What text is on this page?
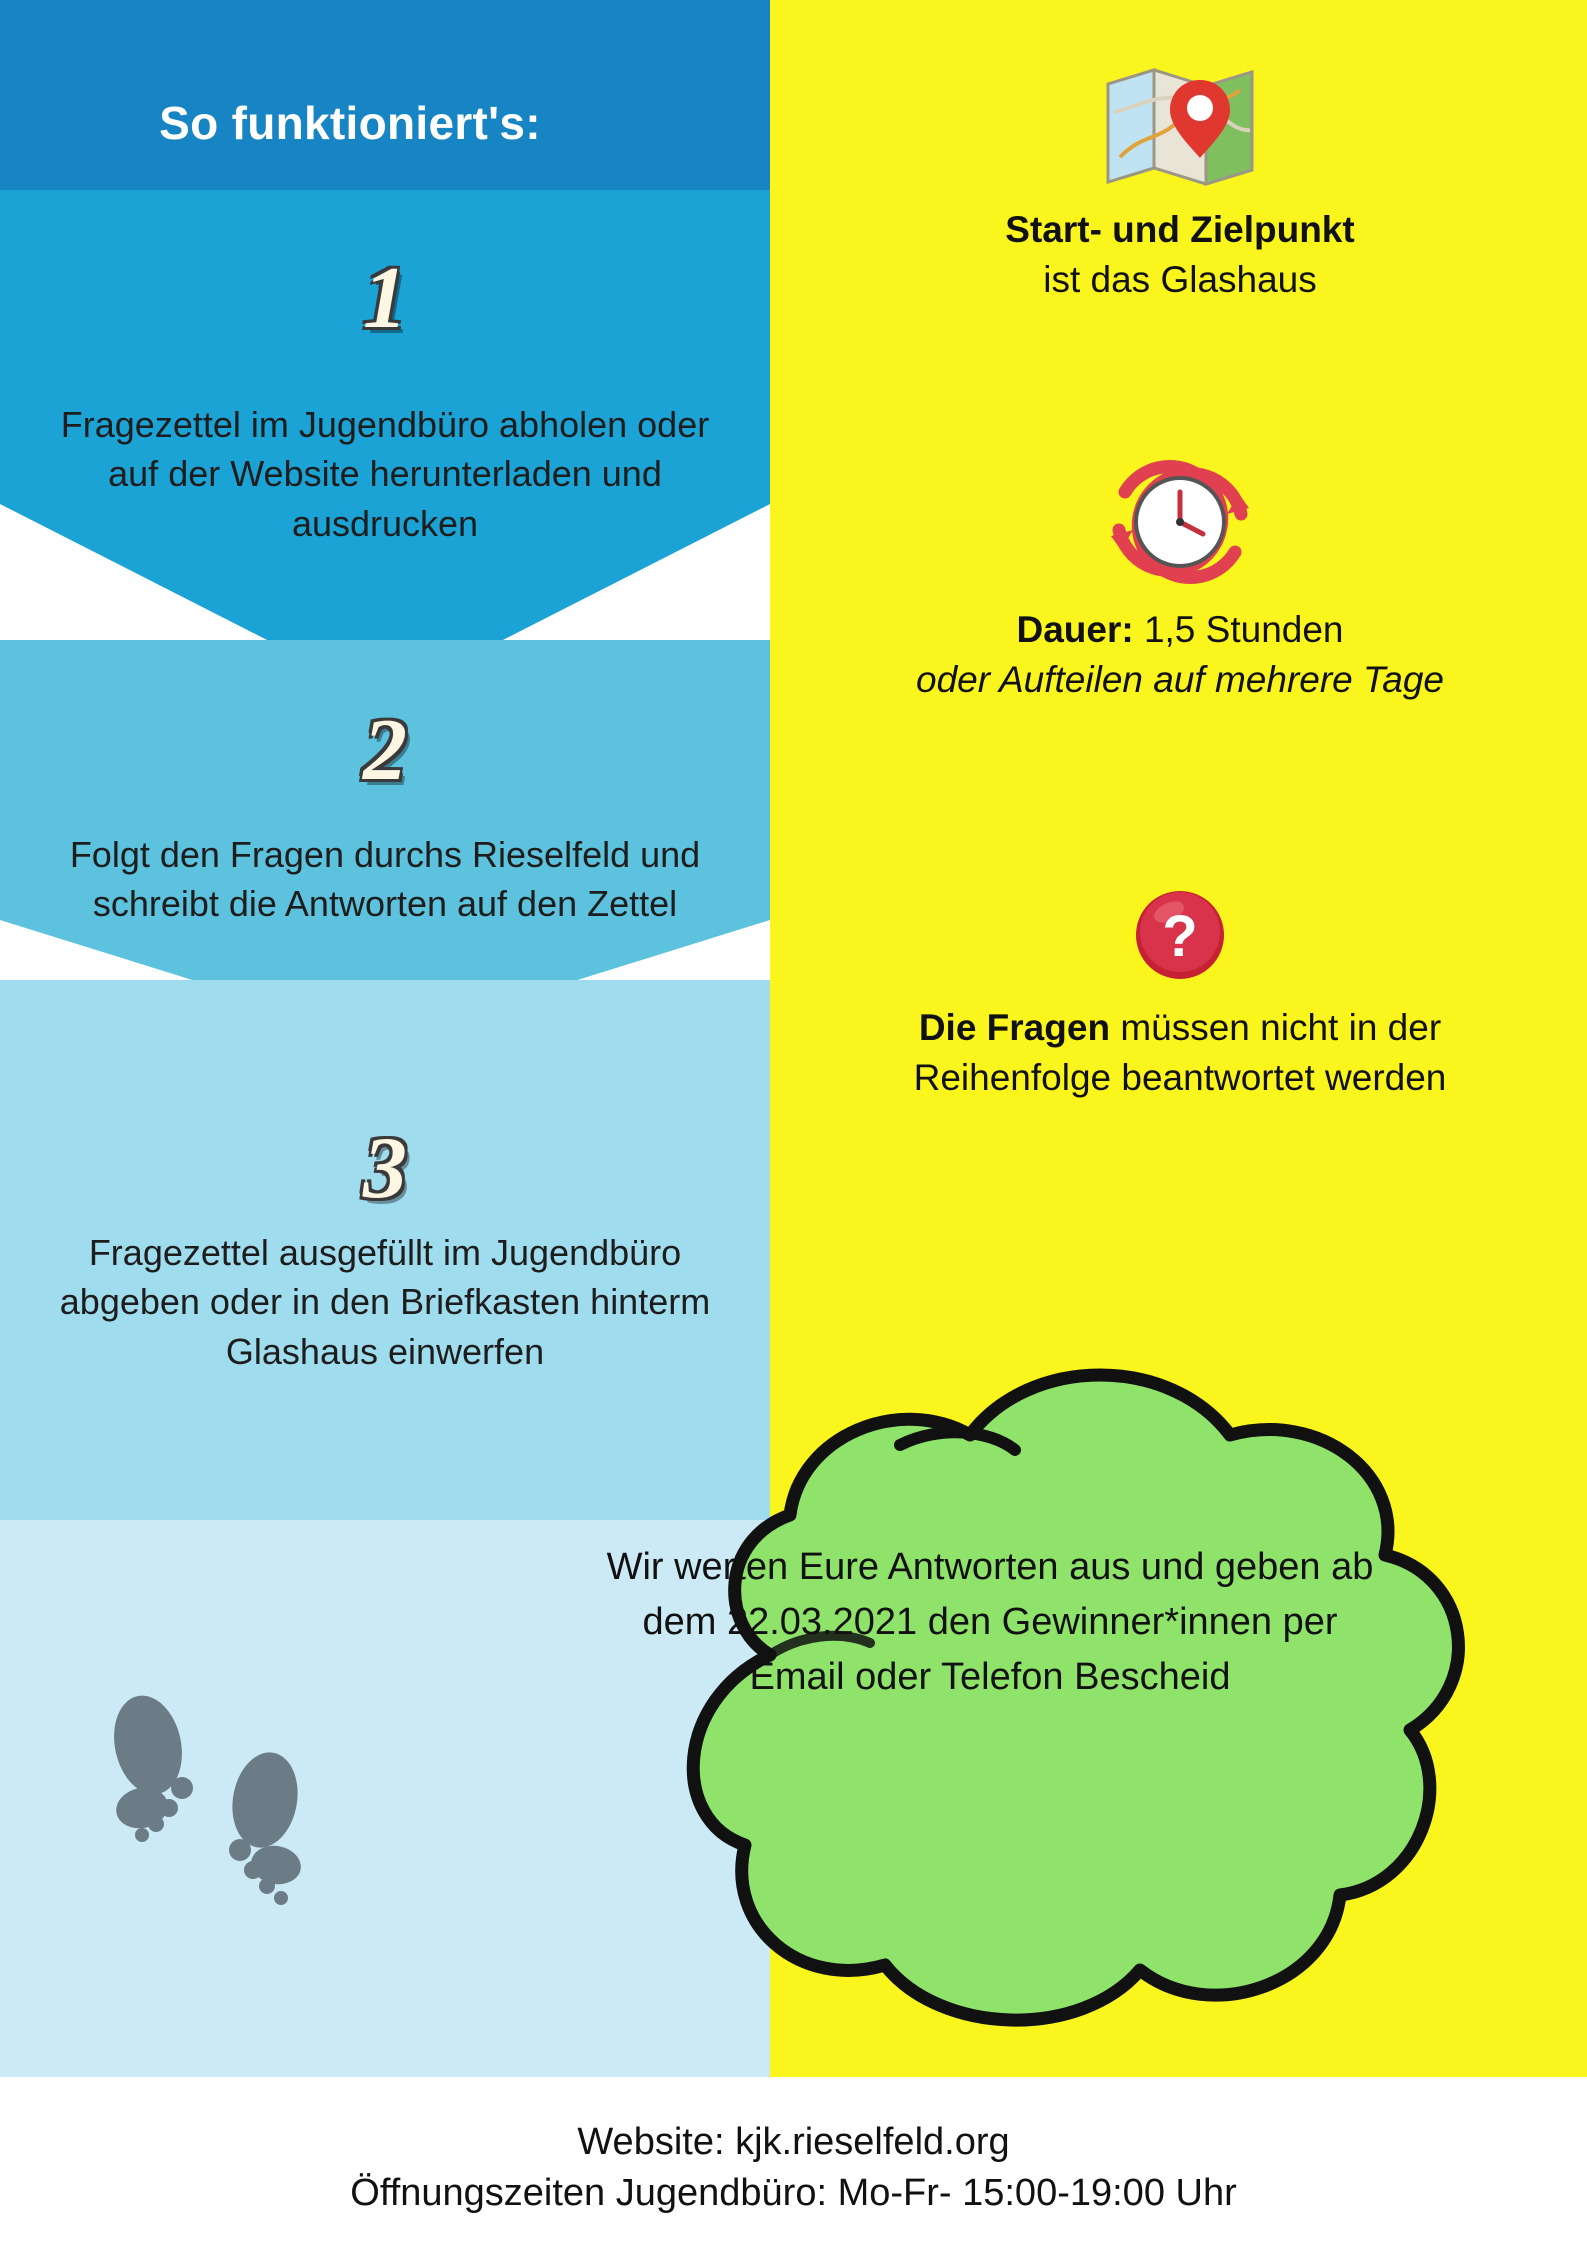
So funktioniert's:
1
Fragezettel im Jugendbüro abholen oder auf der Website herunterladen und ausdrucken
2
Folgt den Fragen durchs Rieselfeld und schreibt die Antworten auf den Zettel
3
Fragezettel ausgefüllt im Jugendbüro abgeben oder in den Briefkasten hinterm Glashaus einwerfen
Start- und Zielpunkt
ist das Glashaus
Dauer: 1,5 Stunden
oder Aufteilen auf mehrere Tage
?
Die Fragen müssen nicht in der Reihenfolge beantwortet werden
Wir werten Eure Antworten aus und geben ab dem 22.03.2021 den Gewinner*innen per Email oder Telefon Bescheid
Website: kjk.rieselfeld.org
Öffnungszeiten Jugendbüro: Mo-Fr- 15:00-19:00 Uhr
